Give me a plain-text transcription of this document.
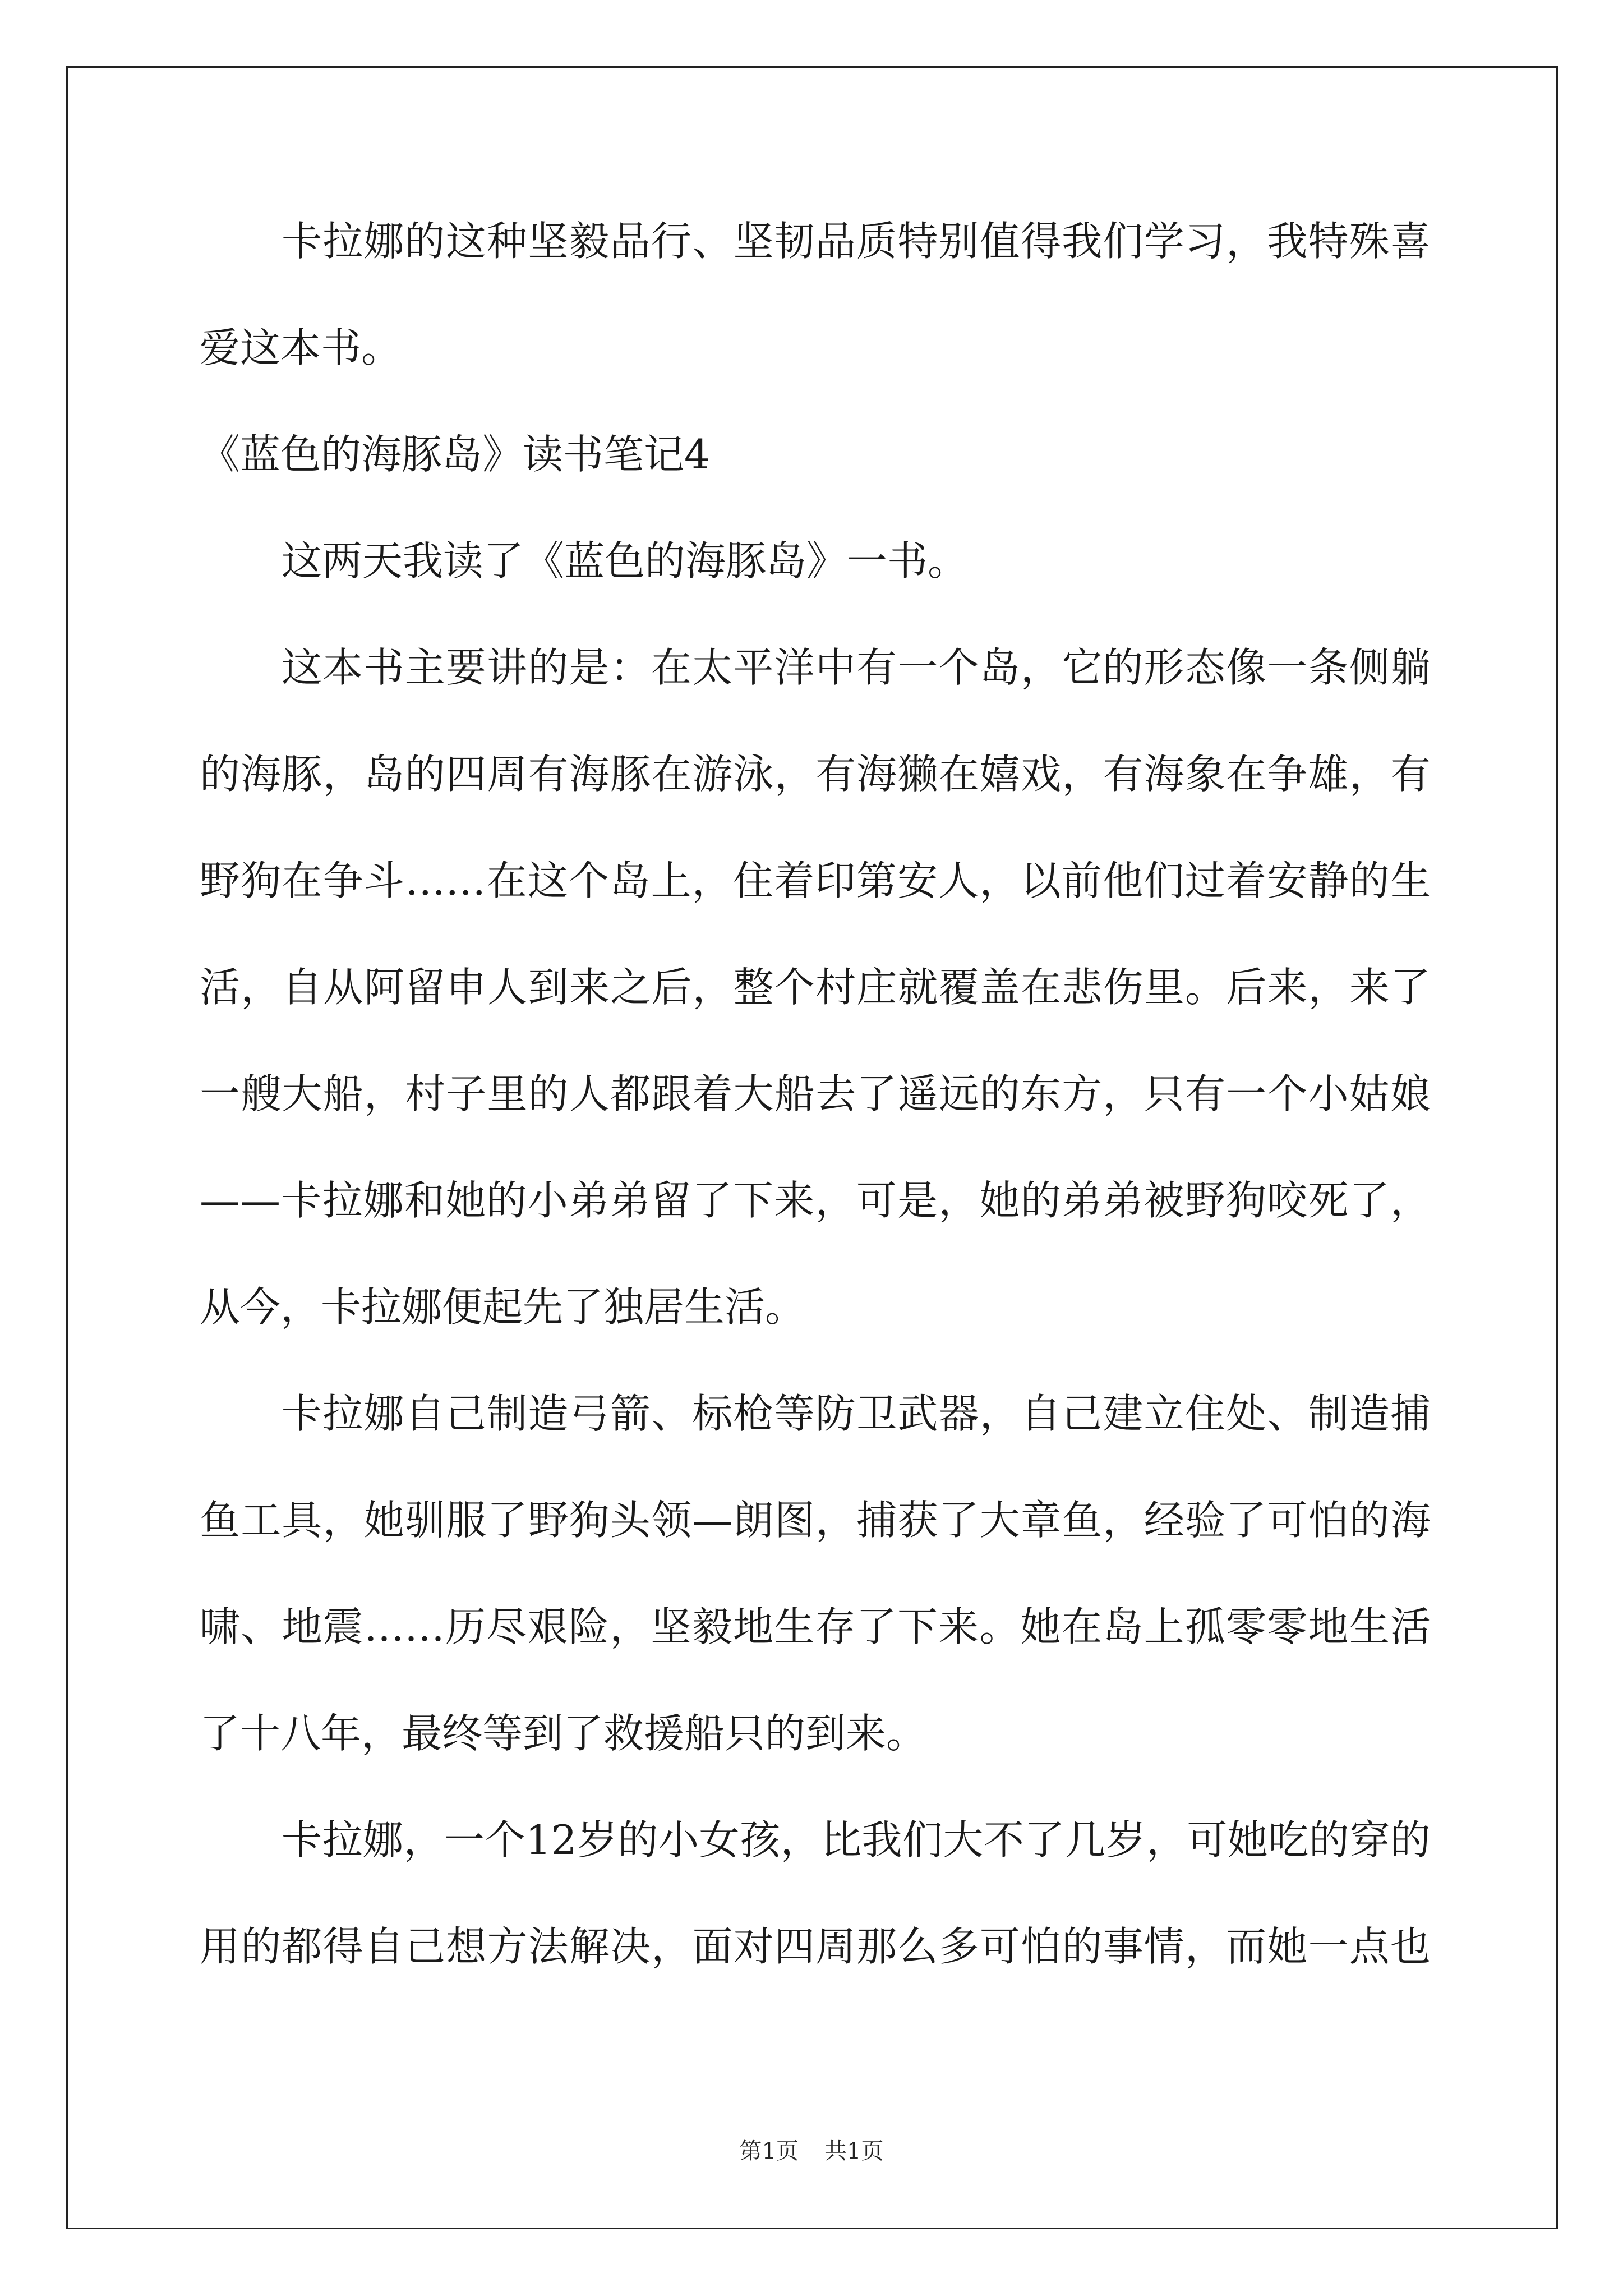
卡拉娜的这种坚毅品行、坚韧品质特别值得我们学习，我特殊喜
爱这本书。
《蓝色的海豚岛》读书笔记4
这两天我读了《蓝色的海豚岛》一书。
这本书主要讲的是：在太平洋中有一个岛，它的形态像一条侧躺
的海豚，岛的四周有海豚在游泳，有海獭在嬉戏，有海象在争雄，有
野狗在争斗……在这个岛上，住着印第安人，以前他们过着安静的生
活，自从阿留申人到来之后，整个村庄就覆盖在悲伤里。后来，来了
一艘大船，村子里的人都跟着大船去了遥远的东方，只有一个小姑娘
——卡拉娜和她的小弟弟留了下来，可是，她的弟弟被野狗咬死了，
从今，卡拉娜便起先了独居生活。
卡拉娜自己制造弓箭、标枪等防卫武器，自己建立住处、制造捕
鱼工具，她驯服了野狗头领—朗图，捕获了大章鱼，经验了可怕的海
啸、地震……历尽艰险，坚毅地生存了下来。她在岛上孤零零地生活
了十八年，最终等到了救援船只的到来。
卡拉娜，一个12岁的小女孩，比我们大不了几岁，可她吃的穿的
用的都得自己想方法解决，面对四周那么多可怕的事情，而她一点也
第1页 共1页
